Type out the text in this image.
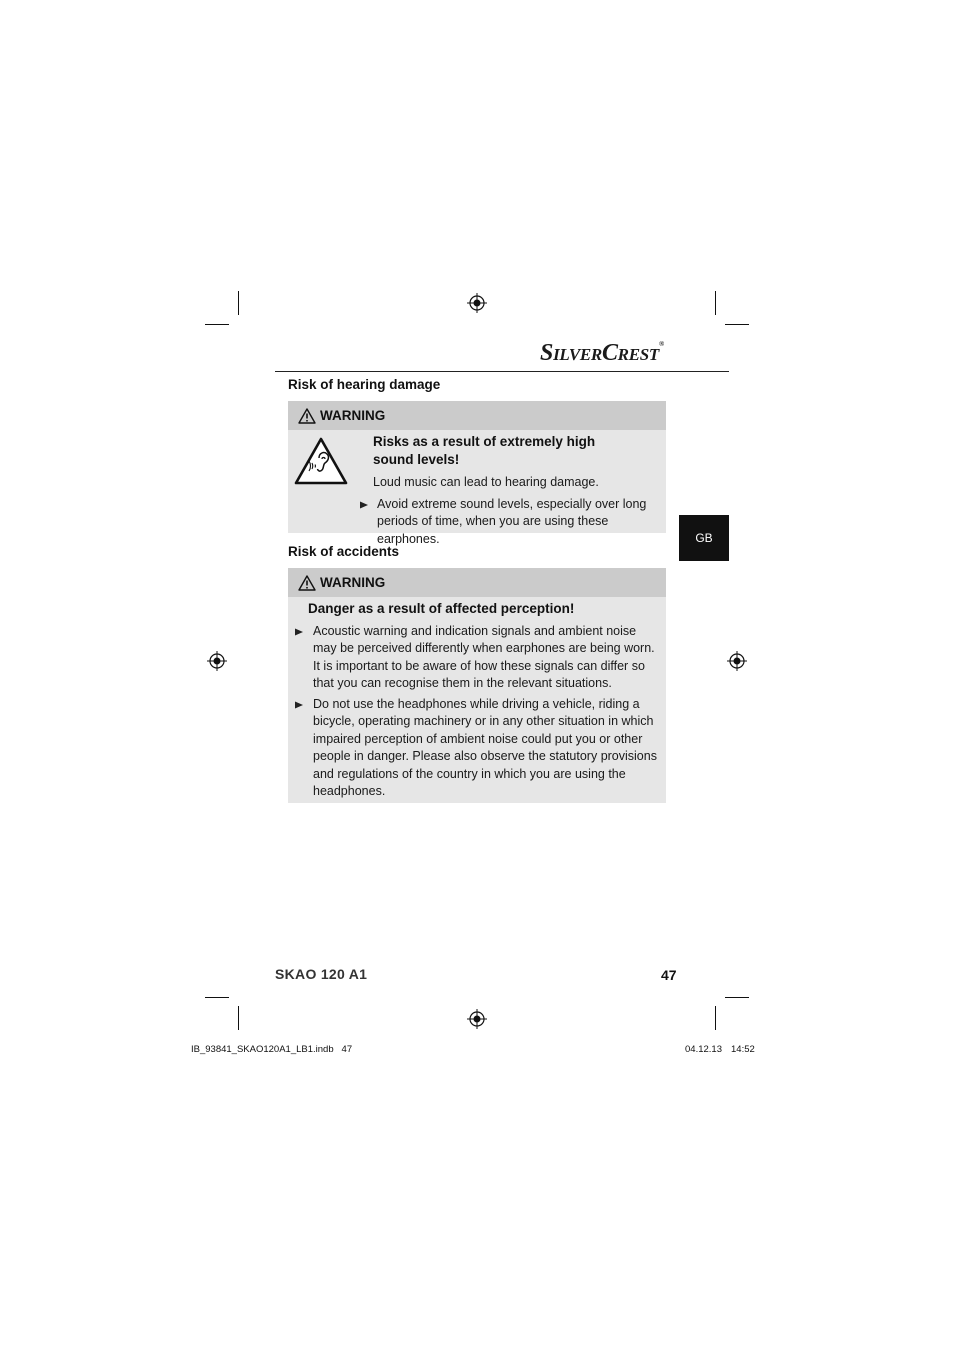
SILVERCREST®
Risk of hearing damage
WARNING
Risks as a result of extremely high
sound levels!
Loud music can lead to hearing damage.
Avoid extreme sound levels, especially over long
periods of time, when you are using these earphones.
Risk of accidents
WARNING
Danger as a result of affected perception!
Acoustic warning and indication signals and ambient noise
may be perceived differently when earphones are being worn.
It is important to be aware of how these signals can differ so
that you can recognise them in the relevant situations.
Do not use the headphones while driving a vehicle, riding a
bicycle, operating machinery or in any other situation in which
impaired perception of ambient noise could put you or other
people in danger. Please also observe the statutory provisions
and regulations of the country in which you are using the
headphones.
GB
SKAO 120 A1	47
IB_93841_SKAO120A1_LB1.indb   47	04.12.13 14:52
